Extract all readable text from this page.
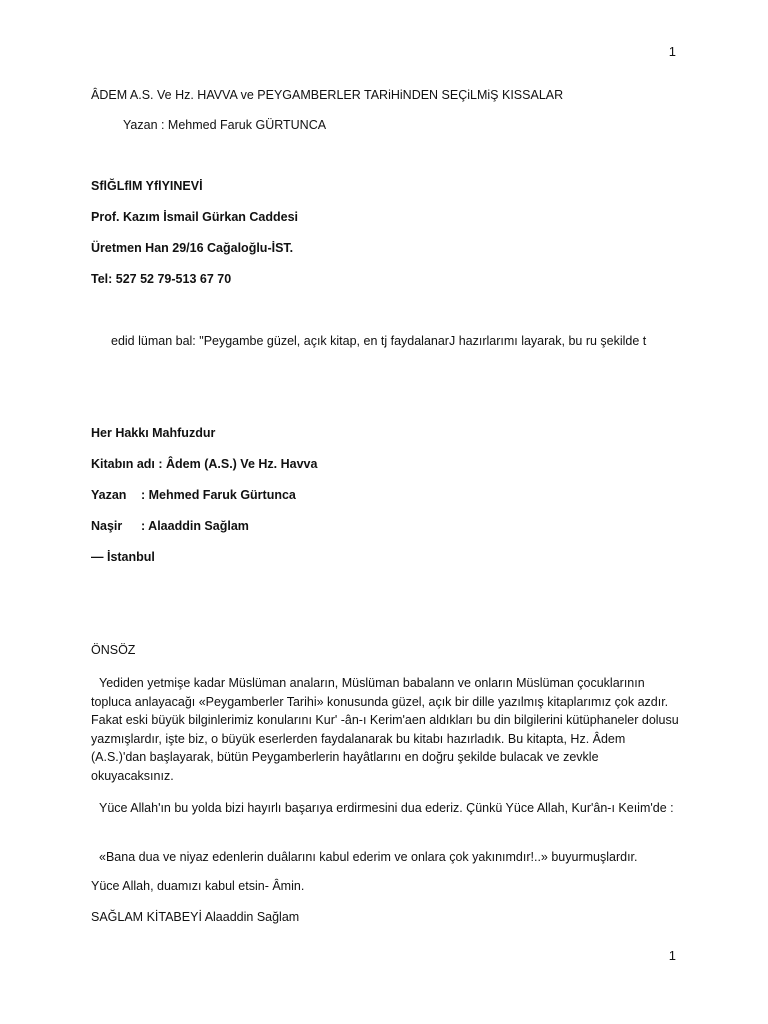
1
ÂDEM A.S. Ve Hz. HAVVA ve PEYGAMBERLER TARiHiNDEN SEÇiLMiŞ KISSALAR
Yazan : Mehmed Faruk GÜRTUNCA
SflĞLflM YflYINEVİ
Prof. Kazım İsmail Gürkan Caddesi
Üretmen Han 29/16 Cağaloğlu-İST.
Tel: 527 52 79-513 67 70
edid lüman bal: "Peygambe güzel, açık kitap, en tj faydalanarJ hazırlarımı layarak, bu ru şekilde t
Her Hakkı Mahfuzdur
Kitabın adı : Âdem (A.S.) Ve Hz. Havva
Yazan : Mehmed Faruk Gürtunca
Naşir : Alaaddin Sağlam
— İstanbul
ÖNSÖZ
Yediden yetmişe kadar Müslüman anaların, Müslüman babalann ve onların Müslüman çocuklarının topluca anlayacağı «Peygamberler Tarihi» konusunda güzel, açık bir dille yazılmış kitaplarımız çok azdır. Fakat eski büyük bilginlerimiz konularını Kur' -ân-ı Kerim'aen aldıkları bu din bilgilerini kütüphaneler dolusu yazmışlardır, işte biz, o büyük eserlerden faydalanarak bu kitabı hazırladık. Bu kitapta, Hz. Âdem (A.S.)'dan başlayarak, bütün Peygamberlerin hayâtlarını en doğru şekilde bulacak ve zevkle okuyacaksınız.
Yüce Allah'ın bu yolda bizi hayırlı başarıya erdirmesini dua ederiz. Çünkü Yüce Allah, Kur'ân-ı Keıim'de :
«Bana dua ve niyaz edenlerin duâlarını kabul ederim ve onlara çok yakınımdır!..» buyurmuşlardır.
Yüce Allah, duamızı kabul etsin- Âmin.
SAĞLAM KİTABEYİ Alaaddin Sağlam
1
